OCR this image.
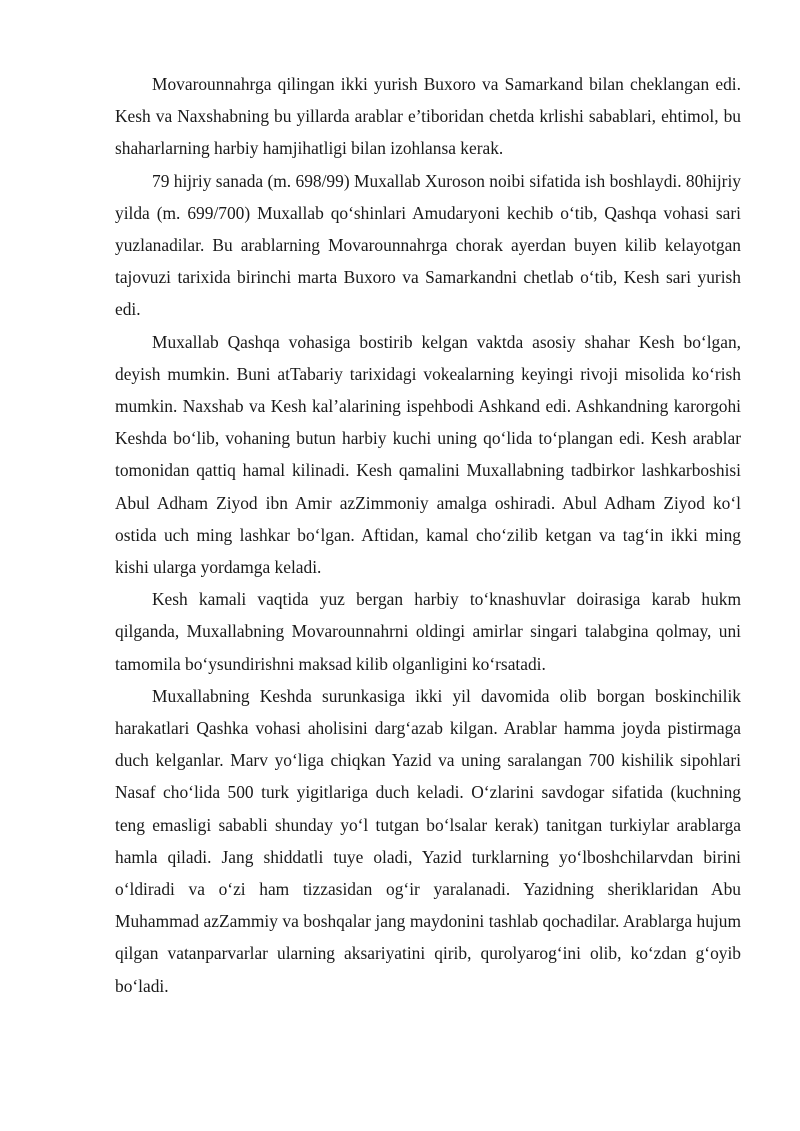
Movarounnahrga qilingan ikki yurish Buxoro va Samarkand bilan cheklangan edi. Kesh va Naxshabning bu yillarda arablar e’tiboridan chetda krlishi sabablari, ehtimol, bu shaharlarning harbiy hamjihatligi bilan izohlansa kerak.

79 hijriy sanada (m. 698/99) Muxallab Xuroson noibi sifatida ish boshlaydi. 80hijriy yilda (m. 699/700) Muxallab qo‘shinlari Amudaryoni kechib o‘tib, Qashqa vohasi sari yuzlanadilar. Bu arablarning Movarounnahrga chorak ayerdan buyen kilib kelayotgan tajovuzi tarixida birinchi marta Buxoro va Samarkandni chetlab o‘tib, Kesh sari yurish edi.

Muxallab Qashqa vohasiga bostirib kelgan vaktda asosiy shahar Kesh bo‘lgan, deyish mumkin. Buni atTabariy tarixidagi vokealarning keyingi rivoji misolida ko‘rish mumkin. Naxshab va Kesh kal’alarining ispehbodi Ashkand edi. Ashkandning karorgohi Keshda bo‘lib, vohaning butun harbiy kuchi uning qo‘lida to‘plangan edi. Kesh arablar tomonidan qattiq hamal kilinadi. Kesh qamalini Muxallabning tadbirkor lashkarboshisi Abul Adham Ziyod ibn Amir azZimmoniy amalga oshiradi. Abul Adham Ziyod ko‘l ostida uch ming lashkar bo‘lgan. Aftidan, kamal cho‘zilib ketgan va tag‘in ikki ming kishi ularga yordamga keladi.

Kesh kamali vaqtida yuz bergan harbiy to‘knashuvlar doirasiga karab hukm qilganda, Muxallabning Movarounnahrni oldingi amirlar singari talabgina qolmay, uni tamomila bo‘ysundirishni maksad kilib olganligini ko‘rsatadi.

Muxallabning Keshda surunkasiga ikki yil davomida olib borgan boskinchilik harakatlari Qashka vohasi aholisini darg‘azab kilgan. Arablar hamma joyda pistirmaga duch kelganlar. Marv yo‘liga chiqkan Yazid va uning saralangan 700 kishilik sipohlari Nasaf cho‘lida 500 turk yigitlariga duch keladi. O‘zlarini savdogar sifatida (kuchning teng emasligi sababli shunday yo‘l tutgan bo‘lsalar kerak) tanitgan turkiylar arablarga hamla qiladi. Jang shiddatli tuye oladi, Yazid turklarning yo‘lboshchilarvdan birini o‘ldiradi va o‘zi ham tizzasidan og‘ir yaralanadi. Yazidning sheriklaridan Abu Muhammad azZammiy va boshqalar jang maydonini tashlab qochadilar. Arablarga hujum qilgan vatanparvarlar ularning aksariyatini qirib, qurolyarog‘ini olib, ko‘zdan g‘oyib bo‘ladi.
